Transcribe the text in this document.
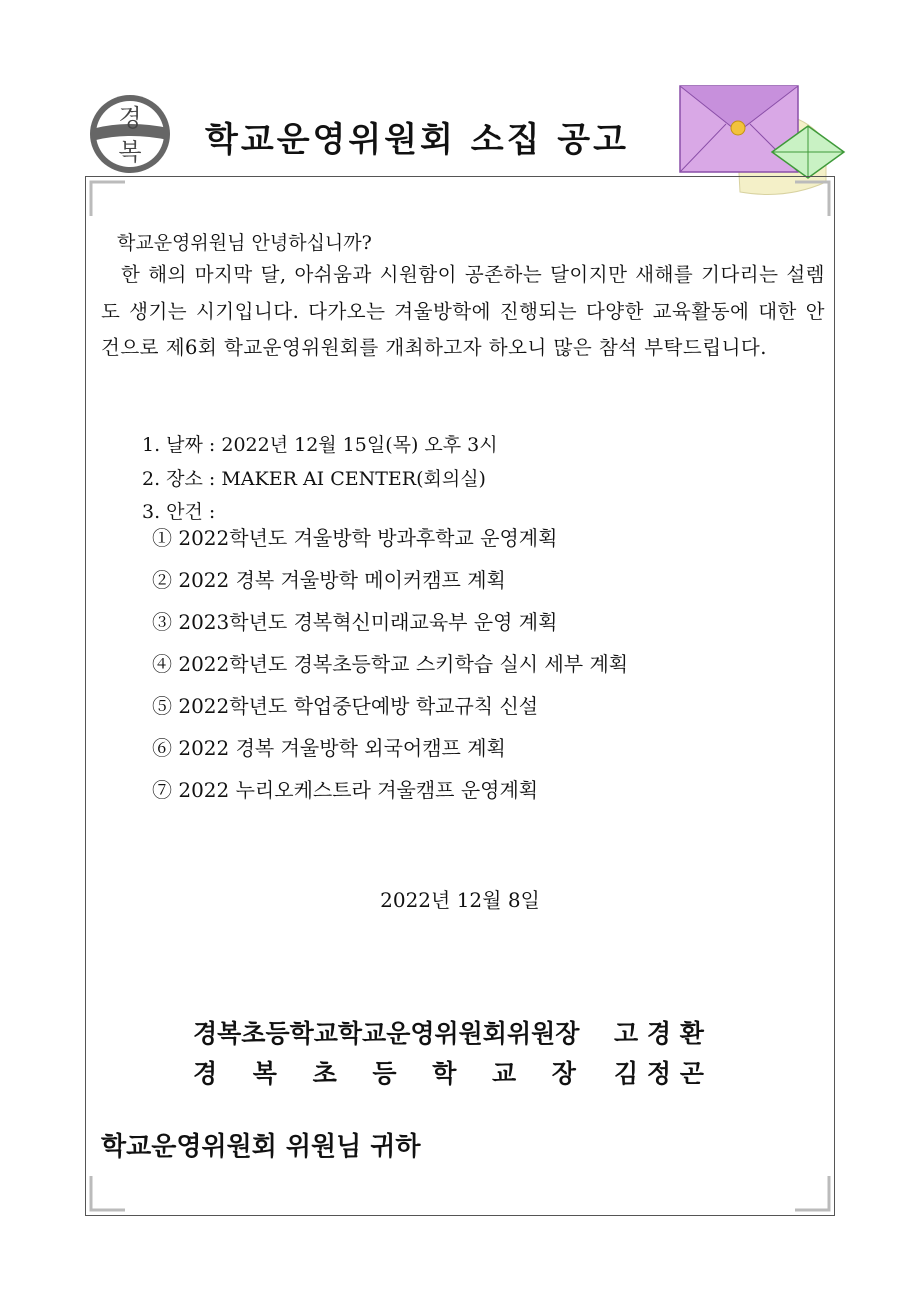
경
복 학교운영위원회 소집 공고
학교운영위원님 안녕하십니까?
한 해의 마지막 달, 아쉬움과 시원함이 공존하는 달이지만 새해를 기다리는 설렘도 생기는 시기입니다. 다가오는 겨울방학에 진행되는 다양한 교육활동에 대한 안건으로 제6회 학교운영위원회를 개최하고자 하오니 많은 참석 부탁드립니다.
1. 날짜 : 2022년 12월 15일(목) 오후 3시
2. 장소 : MAKER AI CENTER(회의실)
3. 안건 :
① 2022학년도 겨울방학 방과후학교 운영계획
② 2022 경복 겨울방학 메이커캠프 계획
③ 2023학년도 경복혁신미래교육부 운영 계획
④ 2022학년도 경복초등학교 스키학습 실시 세부 계획
⑤ 2022학년도 학업중단예방 학교규칙 신설
⑥ 2022 경복 겨울방학 외국어캠프 계획
⑦ 2022 누리오케스트라 겨울캠프 운영계획
2022년 12월 8일
경복초등학교학교운영위원회위원장 고 경 환
경 복 초 등 학 교 장 김 정 곤
학교운영위원회 위원님 귀하
